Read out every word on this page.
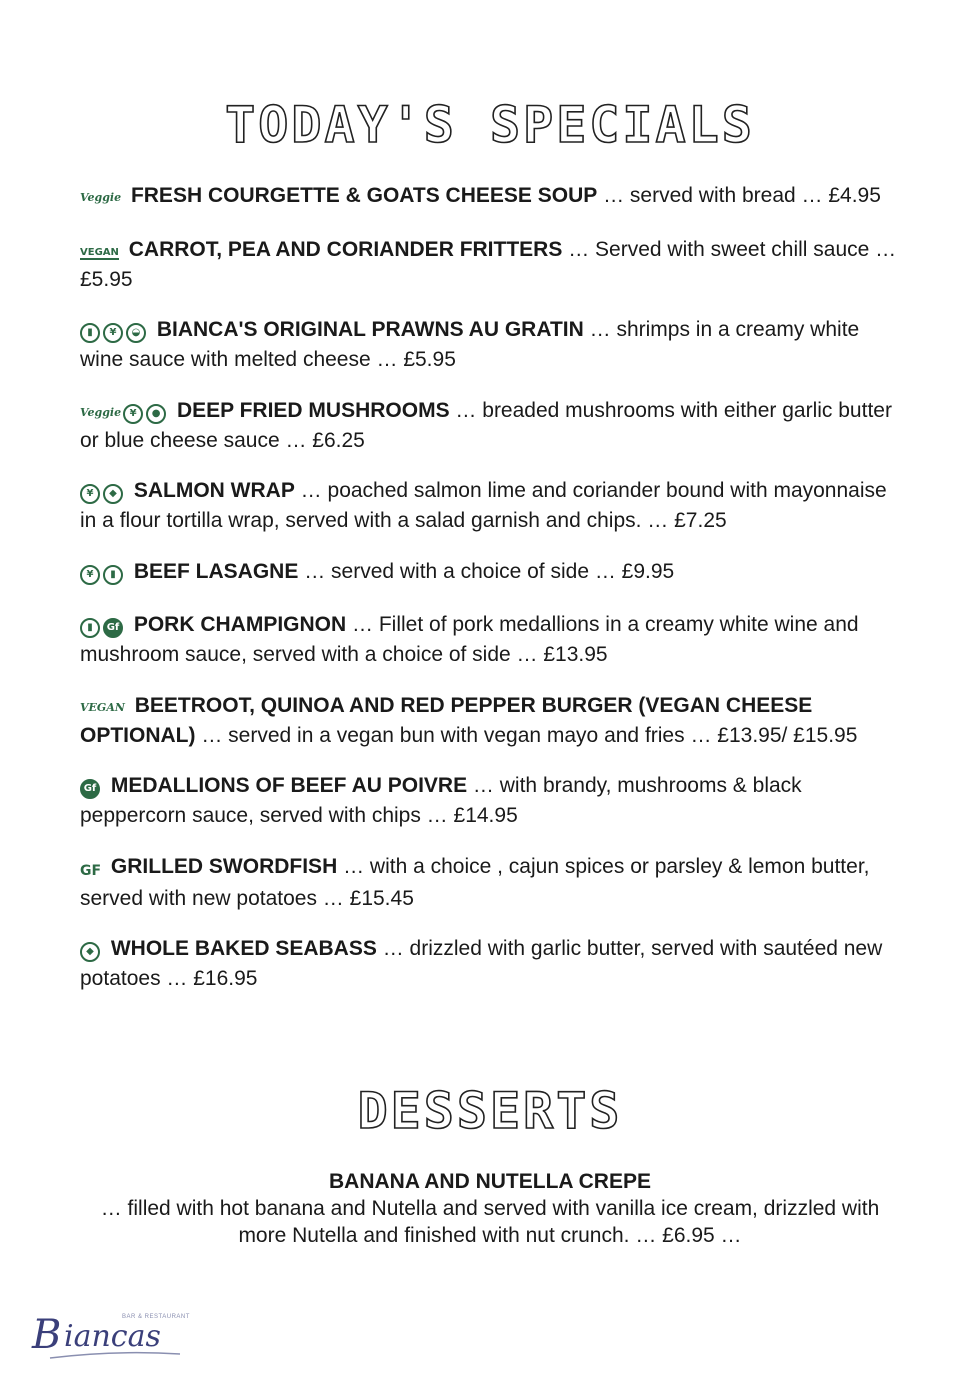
TODAY'S SPECIALS
Veggie FRESH COURGETTE & GOATS CHEESE SOUP … served with bread … £4.95
VEGAN CARROT, PEA AND CORIANDER FRITTERS … Served with sweet chill sauce … £5.95
▮	¥	◒ BIANCA'S ORIGINAL PRAWNS AU GRATIN … shrimps in a creamy white wine sauce with melted cheese … £5.95
Veggie ¥	● DEEP FRIED MUSHROOMS … breaded mushrooms with either garlic butter or blue cheese sauce … £6.25
¥	◆ SALMON WRAP … poached salmon lime and coriander bound with mayonnaise in a flour tortilla wrap, served with a salad garnish and chips. … £7.25
¥	▮ BEEF LASAGNE … served with a choice of side … £9.95
▮	Gf PORK CHAMPIGNON … Fillet of pork medallions in a creamy white wine and mushroom sauce, served with a choice of side … £13.95
VEGAN BEETROOT, QUINOA AND RED PEPPER BURGER (VEGAN CHEESE OPTIONAL) … served in a vegan bun with vegan mayo and fries … £13.95/ £15.95
Gf MEDALLIONS OF BEEF AU POIVRE … with brandy, mushrooms & black peppercorn sauce, served with chips … £14.95
GF GRILLED SWORDFISH … with a choice , cajun spices or parsley & lemon butter, served with new potatoes … £15.45
◆ WHOLE BAKED SEABASS … drizzled with garlic butter, served with sautéed new potatoes … £16.95
DESSERTS
BANANA AND NUTELLA CREPE
… filled with hot banana and Nutella and served with vanilla ice cream, drizzled with more Nutella and finished with nut crunch. … £6.95 …
BAR & RESTAURANT
B iancas
